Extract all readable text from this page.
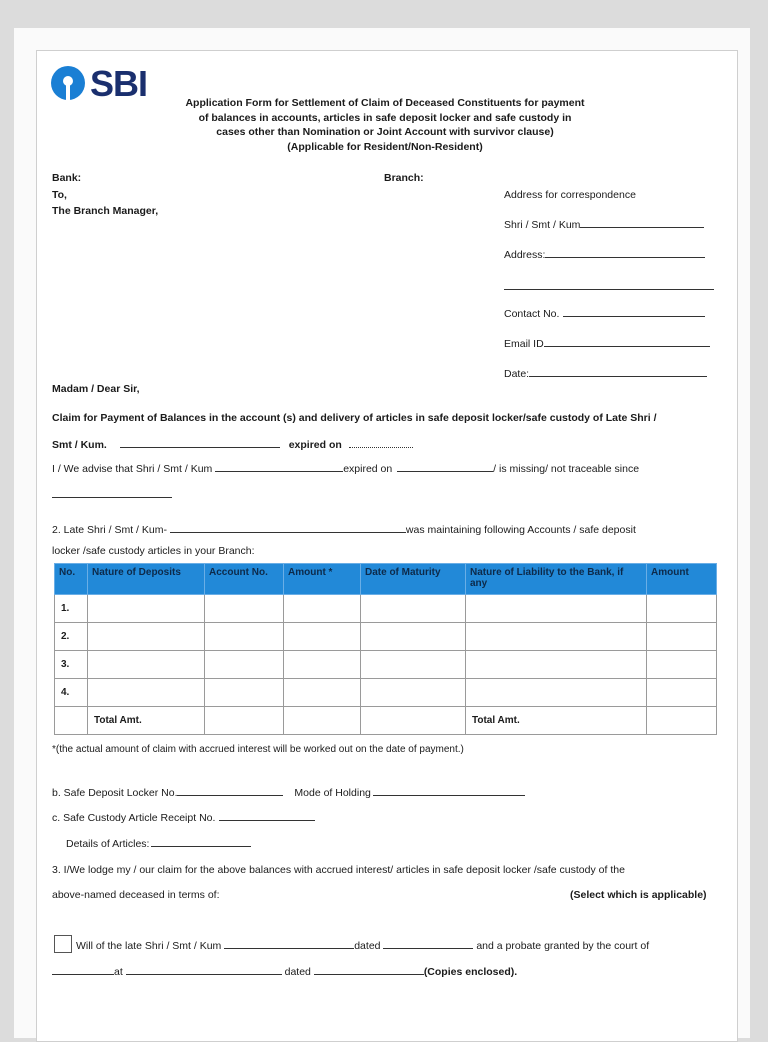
SBI	Application Form for Settlement of Claim of Deceased Constituents for payment
of balances in accounts, articles in safe deposit locker and safe custody in
cases other than Nomination or Joint Account with survivor clause)
(Applicable for Resident/Non-Resident)
Bank:	Branch:
To,
The Branch Manager,
Address for correspondence
Shri / Smt / Kum
Address:
Contact No.
Email ID
Date:
Madam / Dear Sir,
Claim for Payment of Balances in the account (s) and delivery of articles in safe deposit locker/safe custody of Late Shri /
Smt / Kum.	expired on
I / We advise that Shri / Smt / Kum	expired on	/ is missing/ not traceable since
2. Late Shri / Smt / Kum-	was maintaining following Accounts / safe deposit
locker /safe custody articles in your Branch:
No.	Nature of Deposits	Account No.	Amount *	Date of Maturity	Nature of Liability to the Bank, if any	Amount
1.						
2.						
3.						
4.						
	Total Amt.				Total Amt.	
*(the actual amount of claim with accrued interest will be worked out on the date of payment.)
b. Safe Deposit Locker No.	Mode of Holding
c. Safe Custody Article Receipt No.
Details of Articles:
3. I/We lodge my / our claim for the above balances with accrued interest/ articles in safe deposit locker /safe custody of the
above-named deceased in terms of:	(Select which is applicable)
Will of the late Shri / Smt / Kum	dated	and a probate granted by the court of
at	dated	(Copies enclosed).
